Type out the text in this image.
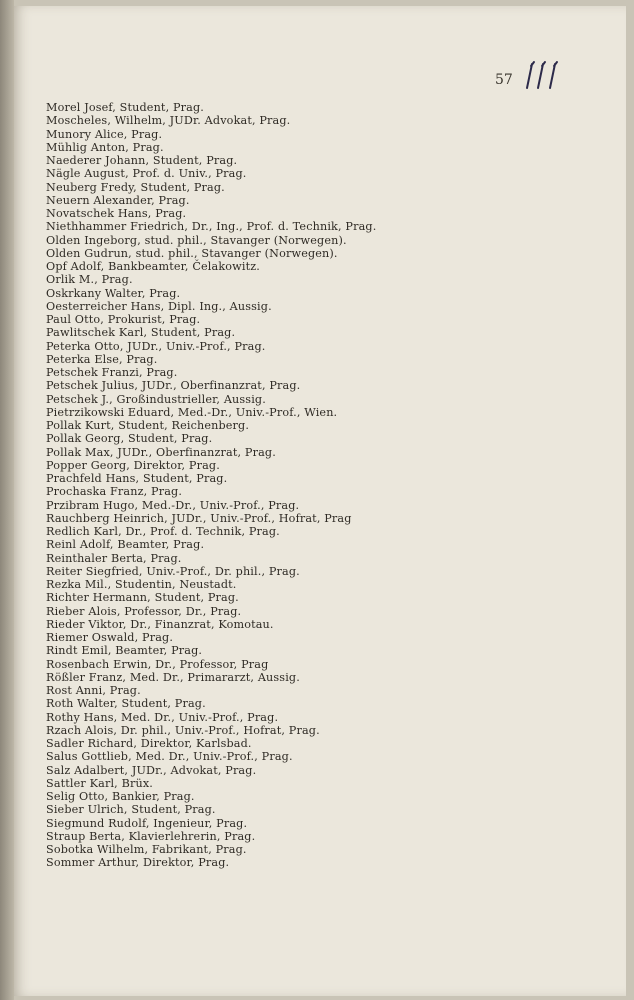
57
Morel Josef, Student, Prag.
Moscheles, Wilhelm, JUDr. Advokat, Prag.
Munory Alice, Prag.
Mühlig Anton, Prag.
Naederer Johann, Student, Prag.
Nägle August, Prof. d. Univ., Prag.
Neuberg Fredy, Student, Prag.
Neuern Alexander, Prag.
Novatschek Hans, Prag.
Niethhammer Friedrich, Dr., Ing., Prof. d. Technik, Prag.
Olden Ingeborg, stud. phil., Stavanger (Norwegen).
Olden Gudrun, stud. phil., Stavanger (Norwegen).
Opf Adolf, Bankbeamter, Čelakowitz.
Orlik M., Prag.
Oskrkany Walter, Prag.
Oesterreicher Hans, Dipl. Ing., Aussig.
Paul Otto, Prokurist, Prag.
Pawlitschek Karl, Student, Prag.
Peterka Otto, JUDr., Univ.-Prof., Prag.
Peterka Else, Prag.
Petschek Franzi, Prag.
Petschek Julius, JUDr., Oberfinanzrat, Prag.
Petschek J., Großindustrieller, Aussig.
Pietrzikowski Eduard, Med.-Dr., Univ.-Prof., Wien.
Pollak Kurt, Student, Reichenberg.
Pollak Georg, Student, Prag.
Pollak Max, JUDr., Oberfinanzrat, Prag.
Popper Georg, Direktor, Prag.
Prachfeld Hans, Student, Prag.
Prochaska Franz, Prag.
Przibram Hugo, Med.-Dr., Univ.-Prof., Prag.
Rauchberg Heinrich, JUDr., Univ.-Prof., Hofrat, Prag
Redlich Karl, Dr., Prof. d. Technik, Prag.
Reinl Adolf, Beamter, Prag.
Reinthaler Berta, Prag.
Reiter Siegfried, Univ.-Prof., Dr. phil., Prag.
Rezka Mil., Studentin, Neustadt.
Richter Hermann, Student, Prag.
Rieber Alois, Professor, Dr., Prag.
Rieder Viktor, Dr., Finanzrat, Komotau.
Riemer Oswald, Prag.
Rindt Emil, Beamter, Prag.
Rosenbach Erwin, Dr., Professor, Prag
Rößler Franz, Med. Dr., Primararzt, Aussig.
Rost Anni, Prag.
Roth Walter, Student, Prag.
Rothy Hans, Med. Dr., Univ.-Prof., Prag.
Rzach Alois, Dr. phil., Univ.-Prof., Hofrat, Prag.
Sadler Richard, Direktor, Karlsbad.
Salus Gottlieb, Med. Dr., Univ.-Prof., Prag.
Salz Adalbert, JUDr., Advokat, Prag.
Sattler Karl, Brüx.
Selig Otto, Bankier, Prag.
Sieber Ulrich, Student, Prag.
Siegmund Rudolf, Ingenieur, Prag.
Straup Berta, Klavierlehrerin, Prag.
Sobotka Wilhelm, Fabrikant, Prag.
Sommer Arthur, Direktor, Prag.
